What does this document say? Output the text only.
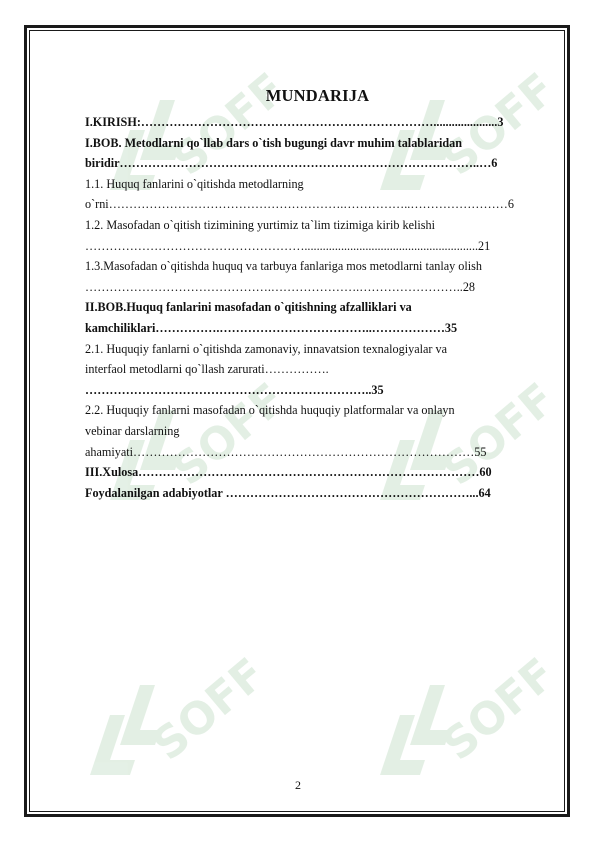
SOFF	SOFF
SOFF	SOFF
SOFF	SOFF
MUNDARIJA
I.KIRISH:……………………………………………………………….....................3
I.BOB. Metodlarni qo`llab dars o`tish bugungi davr muhim talablaridan
biridir……………………………………………………………………………..…6
1.1. Huquq fanlarini o`qitishda metodlarning
o`rni………………………………………………….……………..……………………6
1.2. Masofadan o`qitish tizimining yurtimiz ta`lim tizimiga kirib kelishi
……………………………………………….........................................................21
1.3.Masofadan o`qitishda huquq va tarbuya fanlariga mos metodlarni tanlay olish
……………………………………….………………….……………………..28
II.BOB.Huquq fanlarini masofadan o`qitishning afzalliklari va
kamchiliklari…………….………………………………..………………35
2.1. Huquqiy fanlarni o`qitishda zamonaviy, innavatsion texnalogiyalar va
interfaol metodlarni qo`llash zarurati…………….
……………………………………………………………..35
2.2. Huquqiy fanlarni masofadan o`qitishda huquqiy platformalar va onlayn
vebinar darslarning
ahamiyati…………………………………………………………………………55
III.Xulosa…………………………………………………………………………60
Foydalanilgan adabiyotlar ……………………………………………………...64
2
